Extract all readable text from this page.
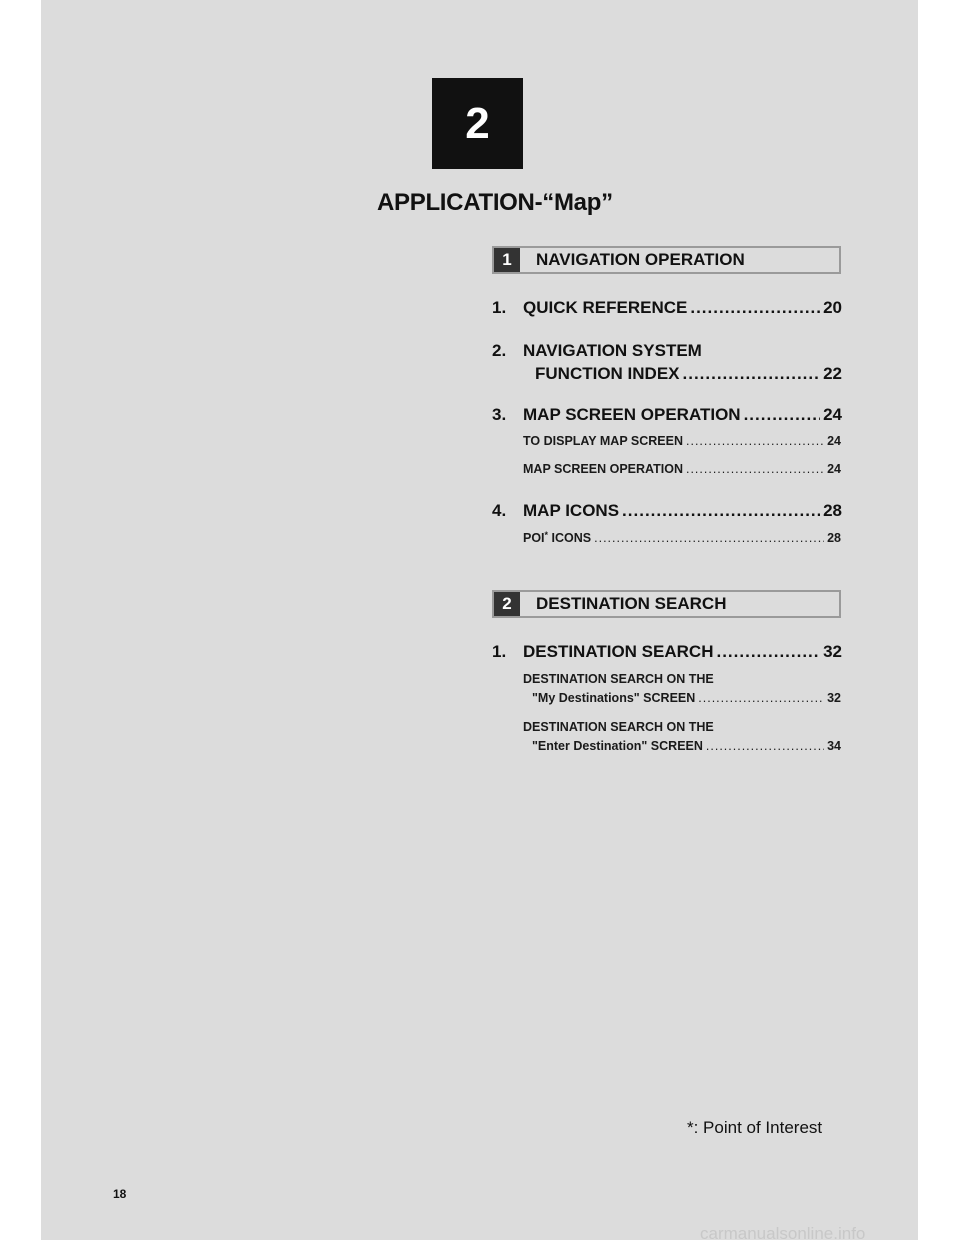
2
APPLICATION-“Map”
1	NAVIGATION OPERATION
1. QUICK REFERENCE .....	20
2. NAVIGATION SYSTEM
FUNCTION INDEX .....	22
3. MAP SCREEN OPERATION .....	24
TO DISPLAY MAP SCREEN .....	24
MAP SCREEN OPERATION .....	24
4. MAP ICONS .....	28
POI* ICONS .....	28
2	DESTINATION SEARCH
1. DESTINATION SEARCH .....	32
DESTINATION SEARCH ON THE
"My Destinations" SCREEN .....	32
DESTINATION SEARCH ON THE
"Enter Destination" SCREEN .....	34
*: Point of Interest
18
carmanualsonline.info
